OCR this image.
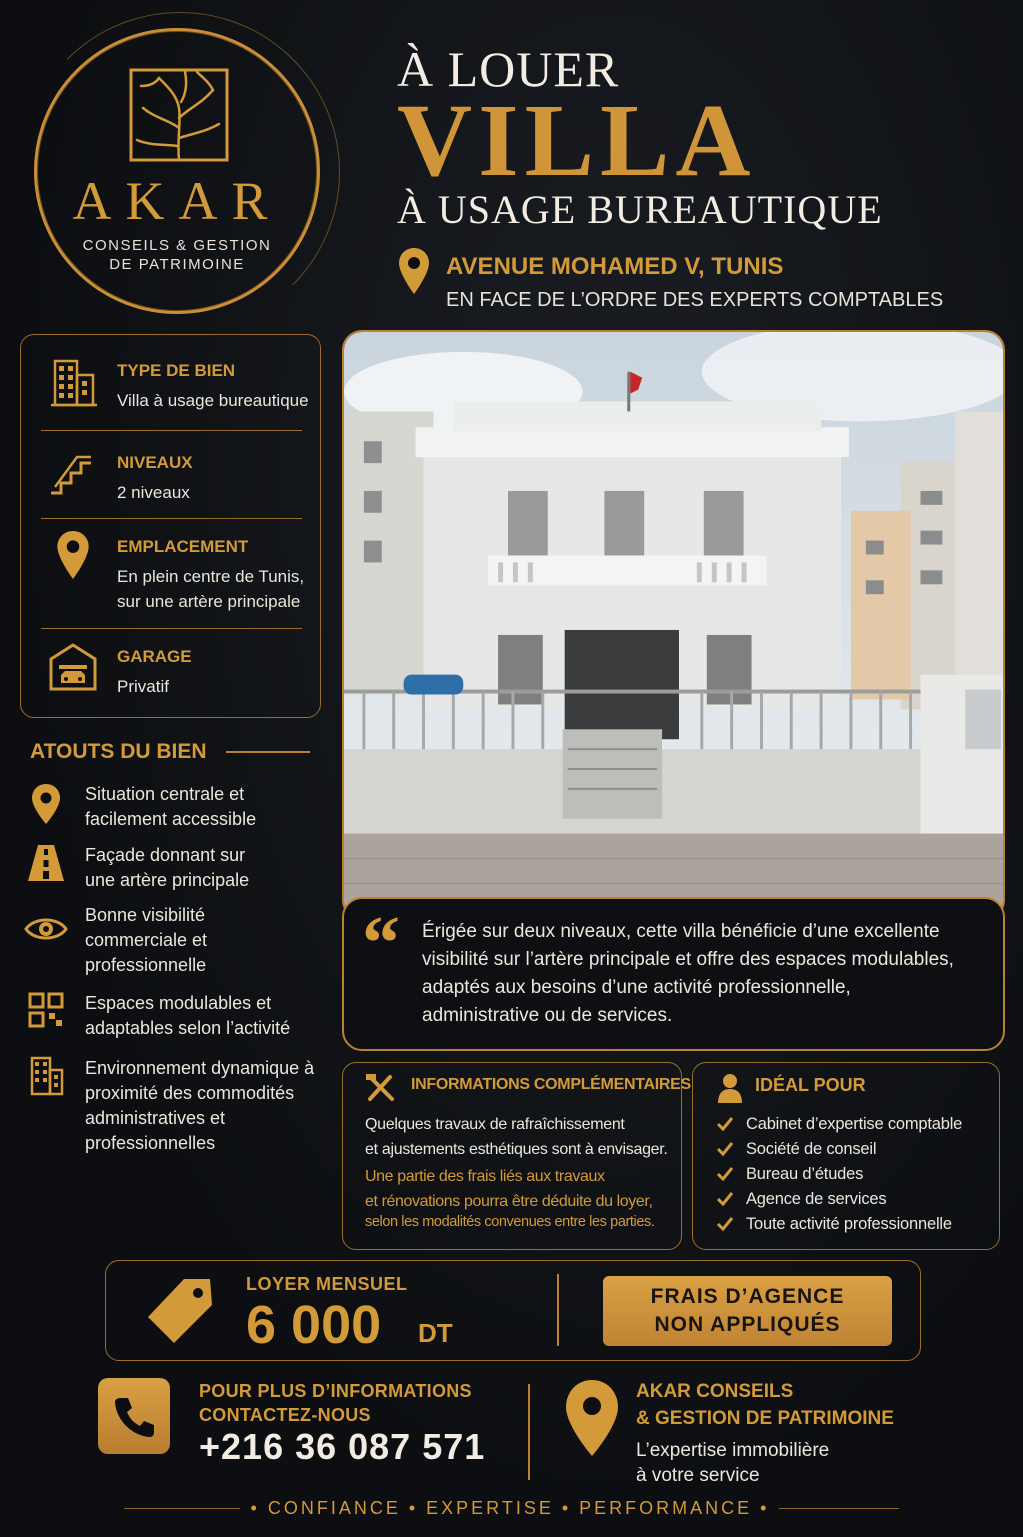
AKAR
CONSEILS & GESTION
DE PATRIMOINE
À LOUER
VILLA
À USAGE BUREAUTIQUE
AVENUE MOHAMED V, TUNIS
EN FACE DE L’ORDRE DES EXPERTS COMPTABLES
TYPE DE BIEN
Villa à usage bureautique
NIVEAUX
2 niveaux
EMPLACEMENT
En plein centre de Tunis,
sur une artère principale
GARAGE
Privatif
ATOUTS DU BIEN
Situation centrale et
facilement accessible
Façade donnant sur
une artère principale
Bonne visibilité
commerciale et
professionnelle
Espaces modulables et
adaptables selon l’activité
Environnement dynamique à
proximité des commodités
administratives et
professionnelles
“ Érigée sur deux niveaux, cette villa bénéficie d’une excellente
visibilité sur l’artère principale et offre des espaces modulables,
adaptés aux besoins d’une activité professionnelle,
administrative ou de services.
INFORMATIONS COMPLÉMENTAIRES
Quelques travaux de rafraîchissement
et ajustements esthétiques sont à envisager.
Une partie des frais liés aux travaux
et rénovations pourra être déduite du loyer,
selon les modalités convenues entre les parties.
IDÉAL POUR
Cabinet d’expertise comptable
Société de conseil
Bureau d’études
Agence de services
Toute activité professionnelle
LOYER MENSUEL
6 000 DT
FRAIS D’AGENCE
NON APPLIQUÉS
POUR PLUS D’INFORMATIONS
CONTACTEZ-NOUS
+216 36 087 571
AKAR CONSEILS
& GESTION DE PATRIMOINE
L’expertise immobilière
à votre service
• CONFIANCE • EXPERTISE • PERFORMANCE •
